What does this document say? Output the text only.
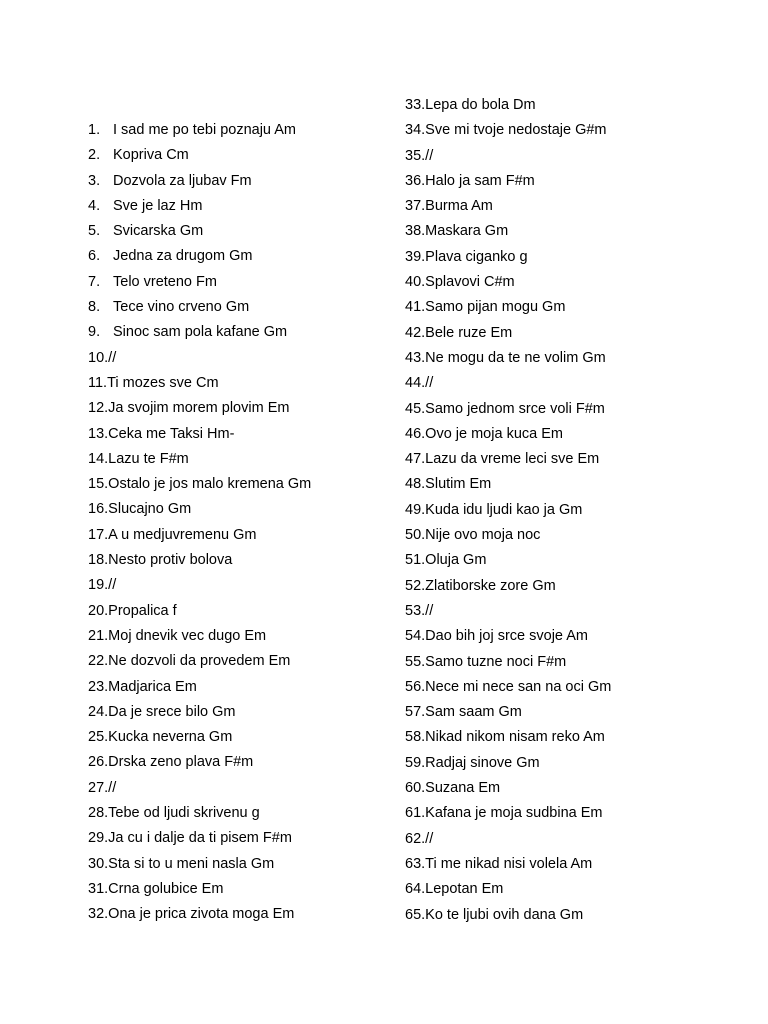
1. I sad me po tebi poznaju Am
2. Kopriva Cm
3. Dozvola za ljubav Fm
4. Sve je laz Hm
5. Svicarska Gm
6. Jedna za drugom Gm
7. Telo vreteno Fm
8. Tece vino crveno Gm
9. Sinoc sam pola kafane Gm
10. //
11. Ti mozes sve Cm
12. Ja svojim morem plovim Em
13. Ceka me Taksi Hm-
14. Lazu te F#m
15. Ostalo je jos malo kremena Gm
16. Slucajno Gm
17. A u medjuvremenu Gm
18. Nesto protiv bolova
19. //
20. Propalica f
21. Moj dnevik vec dugo Em
22. Ne dozvoli da provedem Em
23. Madjarica Em
24. Da je srece bilo Gm
25. Kucka neverna Gm
26. Drska zeno plava F#m
27. //
28. Tebe od ljudi skrivenu g
29. Ja cu i dalje da ti pisem F#m
30. Sta si to u meni nasla Gm
31. Crna golubice Em
32. Ona je prica zivota moga Em
33. Lepa do bola Dm
34. Sve mi tvoje nedostaje G#m
35. //
36. Halo ja sam F#m
37. Burma Am
38. Maskara Gm
39. Plava ciganko g
40. Splavovi C#m
41. Samo pijan mogu Gm
42. Bele ruze Em
43. Ne mogu da te ne volim Gm
44. //
45. Samo jednom srce voli F#m
46. Ovo je moja kuca Em
47. Lazu da vreme leci sve Em
48. Slutim Em
49. Kuda idu ljudi kao ja Gm
50. Nije ovo moja noc
51. Oluja Gm
52. Zlatiborske zore Gm
53. //
54. Dao bih joj srce svoje Am
55. Samo tuzne noci F#m
56. Nece mi nece san na oci Gm
57. Sam saam Gm
58. Nikad nikom nisam reko Am
59. Radjaj sinove Gm
60. Suzana Em
61. Kafana je moja sudbina Em
62. //
63. Ti me nikad nisi volela Am
64. Lepotan Em
65. Ko te ljubi ovih dana Gm
